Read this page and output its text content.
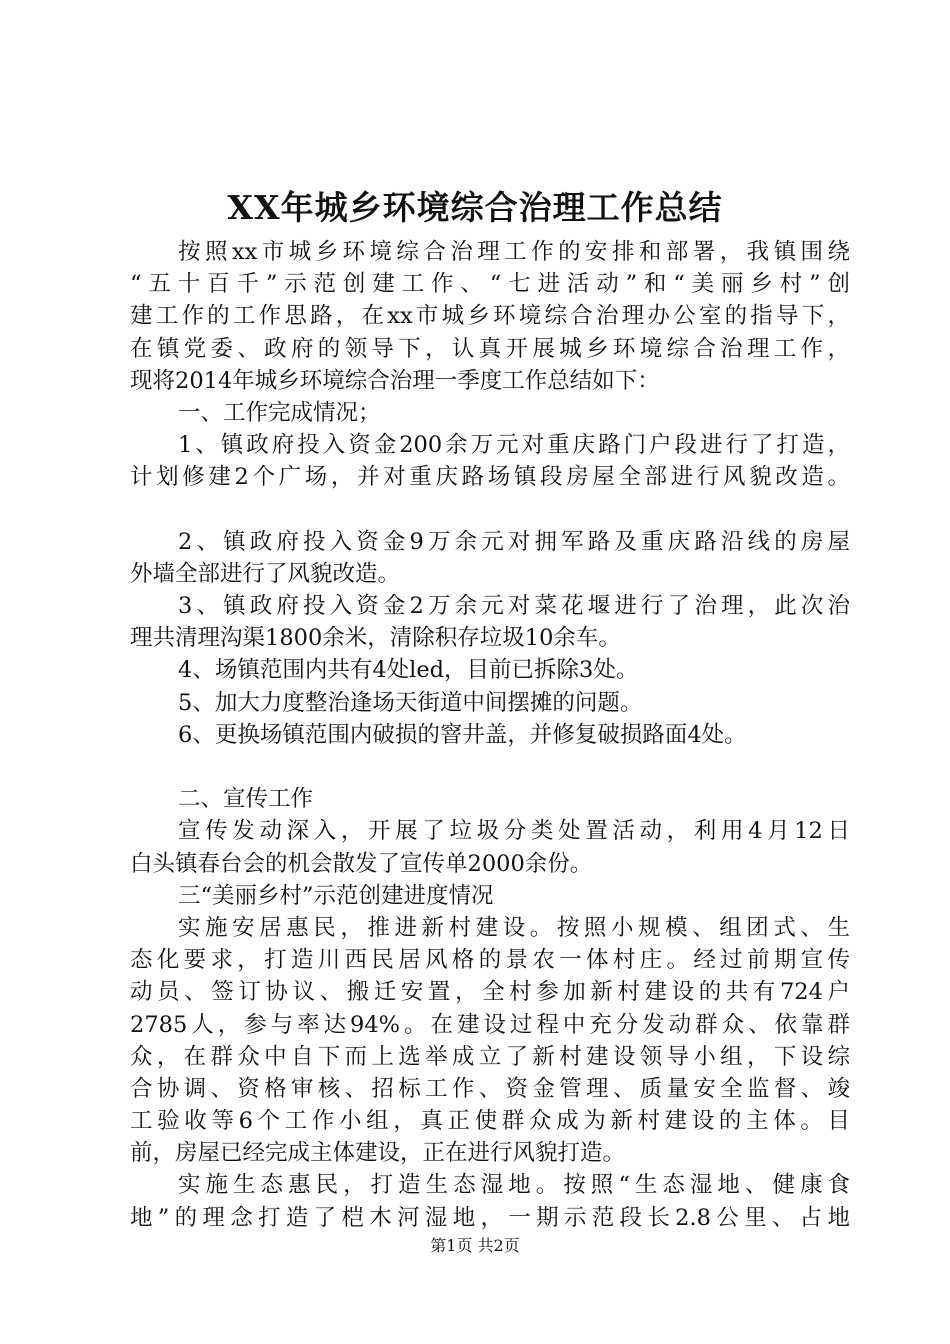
XX年城乡环境综合治理工作总结
按照xx市城乡环境综合治理工作的安排和部署，我镇围绕
“五十百千”示范创建工作、“七进活动”和“美丽乡村”创
建工作的工作思路，在xx市城乡环境综合治理办公室的指导下，
在镇党委、政府的领导下，认真开展城乡环境综合治理工作，
现将2014年城乡环境综合治理一季度工作总结如下：
一、工作完成情况；
1、镇政府投入资金200余万元对重庆路门户段进行了打造，
计划修建2个广场，并对重庆路场镇段房屋全部进行风貌改造。
2、镇政府投入资金9万余元对拥军路及重庆路沿线的房屋
外墙全部进行了风貌改造。
3、镇政府投入资金2万余元对菜花堰进行了治理，此次治
理共清理沟渠1800余米，清除积存垃圾10余车。
4、场镇范围内共有4处led，目前已拆除3处。
5、加大力度整治逢场天街道中间摆摊的问题。
6、更换场镇范围内破损的窨井盖，并修复破损路面4处。
二、宣传工作
宣传发动深入，开展了垃圾分类处置活动，利用4月12日
白头镇春台会的机会散发了宣传单2000余份。
三“美丽乡村”示范创建进度情况
实施安居惠民，推进新村建设。按照小规模、组团式、生
态化要求，打造川西民居风格的景农一体村庄。经过前期宣传
动员、签订协议、搬迁安置，全村参加新村建设的共有724户
2785人，参与率达94%。在建设过程中充分发动群众、依靠群
众，在群众中自下而上选举成立了新村建设领导小组，下设综
合协调、资格审核、招标工作、资金管理、质量安全监督、竣
工验收等6个工作小组，真正使群众成为新村建设的主体。目
前，房屋已经完成主体建设，正在进行风貌打造。
实施生态惠民，打造生态湿地。按照“生态湿地、健康食
地”的理念打造了桤木河湿地，一期示范段长2.8公里、占地
第1页 共2页
